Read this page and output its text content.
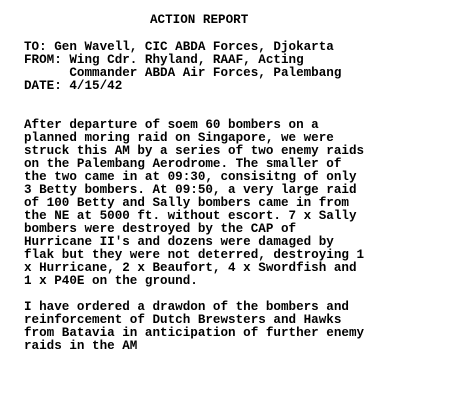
ACTION REPORT
TO: Gen Wavell, CIC ABDA Forces, Djokarta
FROM: Wing Cdr. Rhyland, RAAF, Acting
Commander ABDA Air Forces, Palembang
DATE: 4/15/42
After departure of soem 60 bombers on a
planned moring raid on Singapore, we were
struck this AM by a series of two enemy raids
on the Palembang Aerodrome. The smaller of
the two came in at 09:30, consisitng of only
3 Betty bombers. At 09:50, a very large raid
of 100 Betty and Sally bombers came in from
the NE at 5000 ft. without escort. 7 x Sally
bombers were destroyed by the CAP of
Hurricane II's and dozens were damaged by
flak but they were not deterred, destroying 1
x Hurricane, 2 x Beaufort, 4 x Swordfish and
1 x P40E on the ground.
I have ordered a drawdon of the bombers and
reinforcement of Dutch Brewsters and Hawks
from Batavia in anticipation of further enemy
raids in the AM
